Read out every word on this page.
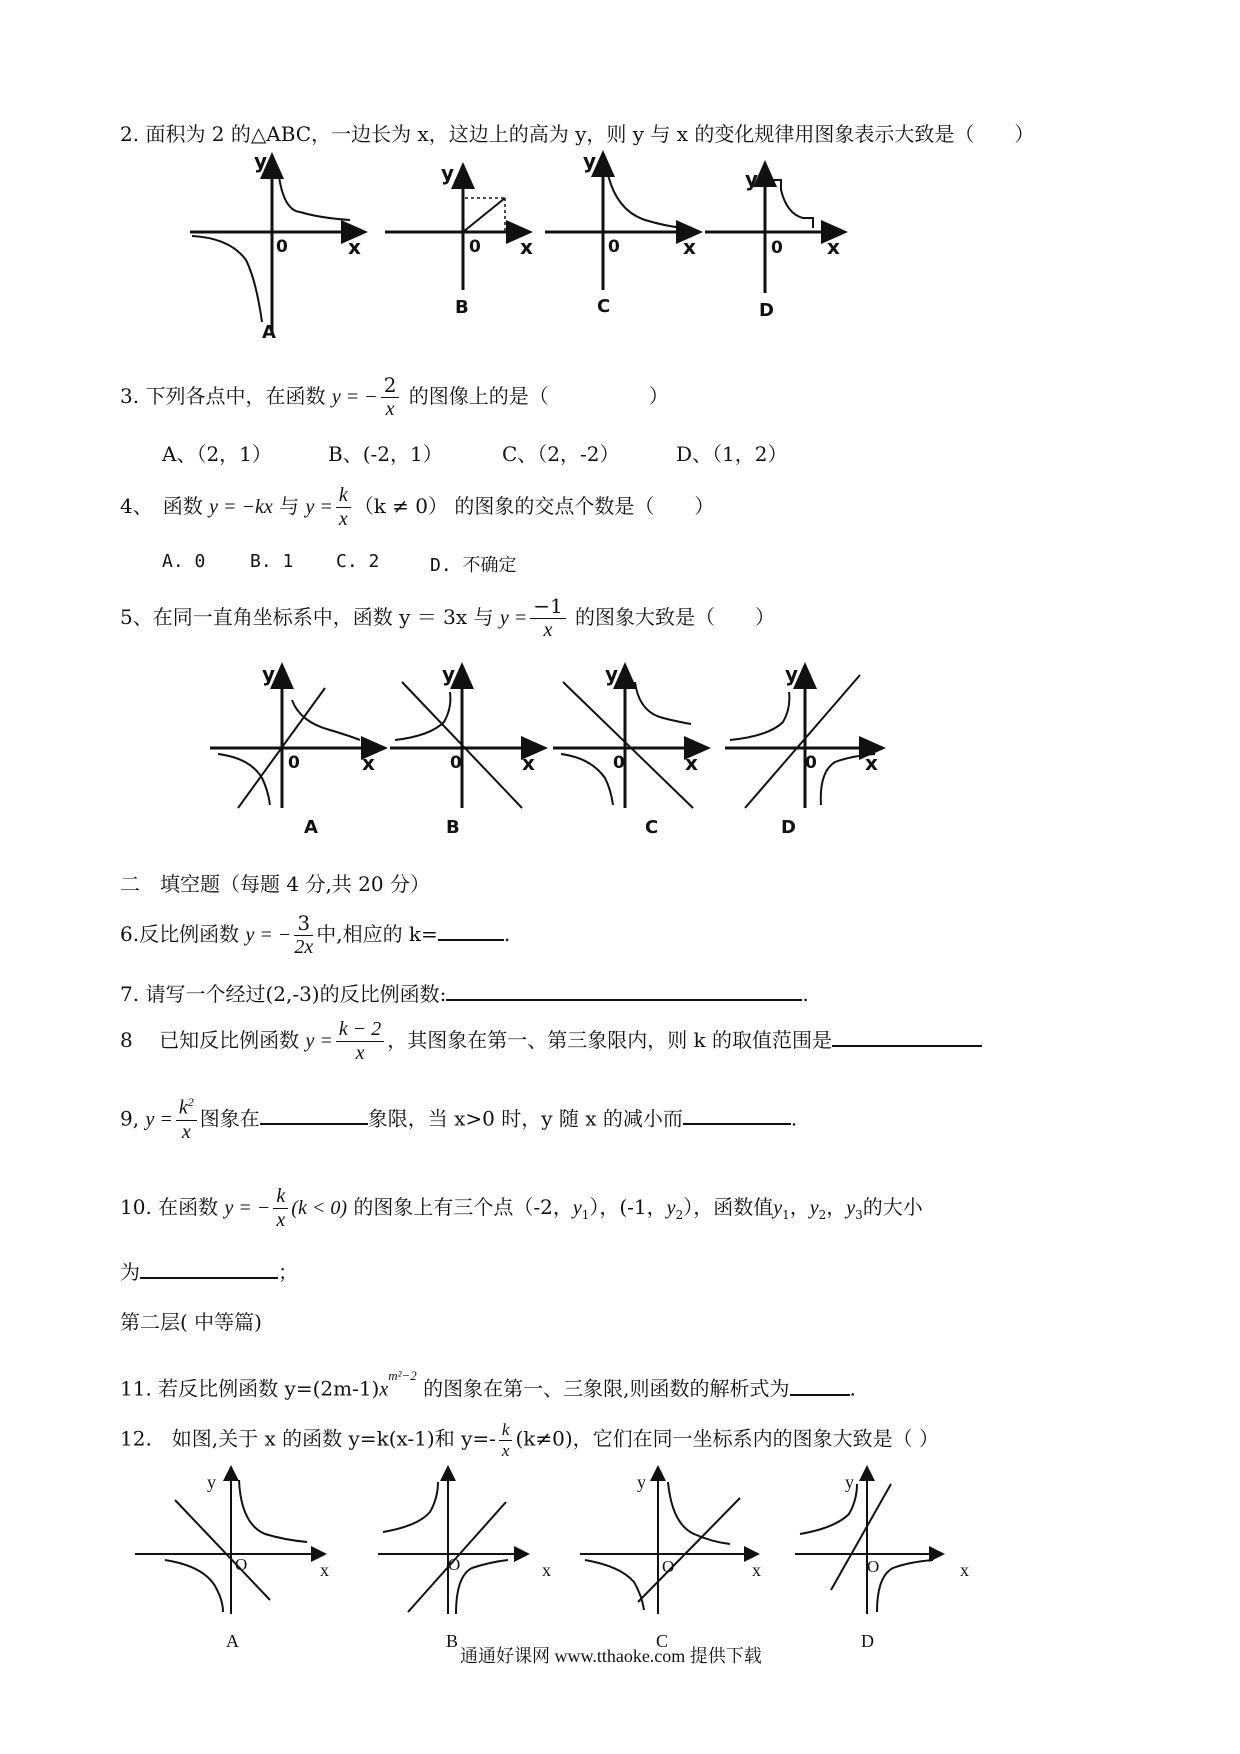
2. 面积为 2 的△ABC，一边长为 x，这边上的高为 y，则 y 与 x 的变化规律用图象表示大致是（　　）
0	x
y
A
0 x
y
B
0	x
y
C
0 x
y
D
3. 下列各点中，在函数 y = − $\frac{2}{x}$ 的图像上的是（　　　　　）
A、（2，1）	B、(-2，1）	C、（2，-2）	D、（1，2）
4、　函数 y = −kx 与 $y = \frac{k}{x} (k \ne 0)$ 的图象的交点个数是（　　）
A. 0 B. 1 C. 2	D. 不确定
5、在同一直角坐标系中，函数 y ＝ 3x 与 $y = \frac{-1}{x}$ 的图象大致是（　　）
0	x
y
A
0	x
y
B
0	x
y
C
0 x
y
D
二　填空题（每题 4 分,共 20 分）
6.反比例函数 y = − $\frac{3}{2x}$ 中,相应的 k=	.
7. 请写一个经过(2,-3)的反比例函数:	.
8　 已知反比例函数 $y = \frac{k - 2}{x}$ ，其图象在第一、第三象限内，则 k 的取值范围是
9, $y = \frac{k^2}{x}$ 图象在	象限，当 x>0 时，y 随 x 的减小而	.
10. 在函数 y = − $\frac{k}{x} (k < 0)$ 的图象上有三个点（-2，$y_1$），(-1，$y_2$），函数值$y_1$，$y_2$，$y_3$的大小
为	；
第二层( 中等篇)
11. 若反比例函数 $y=(2m-1)x^{m^2-2}$ 的图象在第一、三象限,则函数的解析式为	.
12.　如图,关于 x 的函数 y=k(x-1)和 $y=- \frac{k}{x} (k\ne 0)$，它们在同一坐标系内的图象大致是（ ）
O	x
y
A
O	x
B
O	x
y
C
O	x
y
D
通通好课网 www.tthaoke.com 提供下载
